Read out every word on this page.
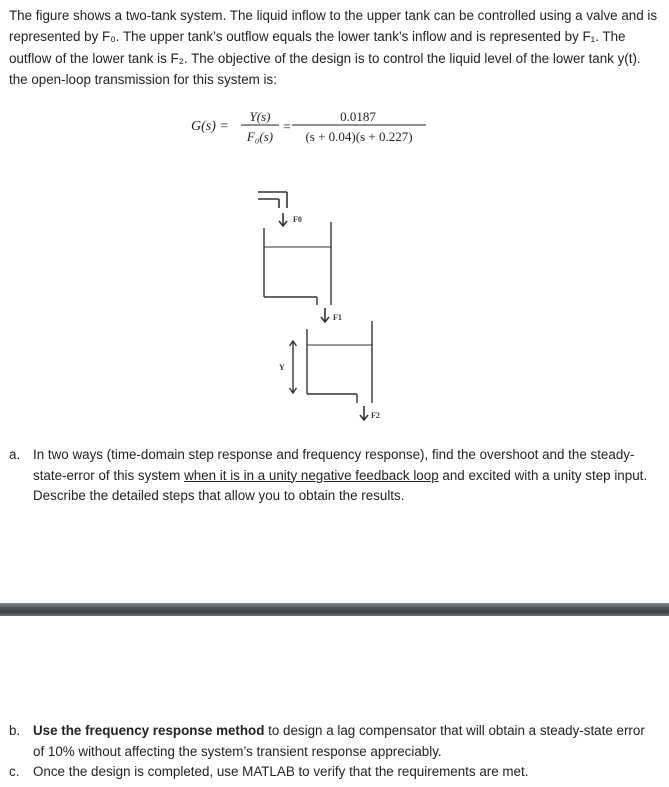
The figure shows a two-tank system. The liquid inflow to the upper tank can be controlled using a valve and is represented by F₀. The upper tank’s outflow equals the lower tank’s inflow and is represented by F₁. The outflow of the lower tank is F₂. The objective of the design is to control the liquid level of the lower tank y(t). the open-loop transmission for this system is:

G(s) =
Y(s)
F₀(s)
=
0.0187
(s + 0.04)(s + 0.227)
F0
F1
Y
F2
a. In two ways (time-domain step response and frequency response), find the overshoot and the steady-state-error of this system when it is in a unity negative feedback loop and excited with a unity step input. Describe the detailed steps that allow you to obtain the results.
b. Use the frequency response method to design a lag compensator that will obtain a steady-state error of 10% without affecting the system’s transient response appreciably.
c.	Once the design is completed, use MATLAB to verify that the requirements are met.
